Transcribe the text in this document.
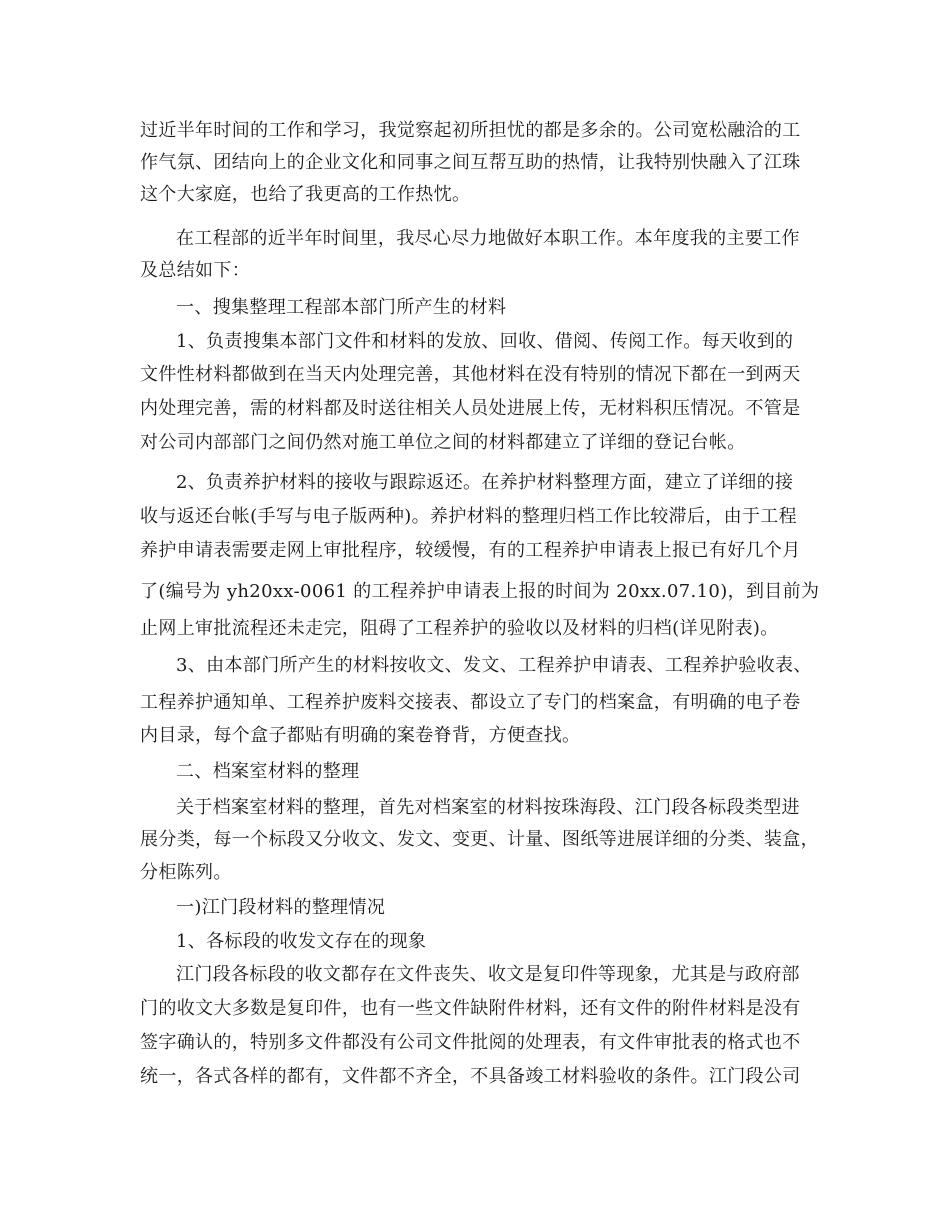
过近半年时间的工作和学习，我觉察起初所担忧的都是多余的。公司宽松融洽的工
作气氛、团结向上的企业文化和同事之间互帮互助的热情，让我特别快融入了江珠
这个大家庭，也给了我更高的工作热忱。
在工程部的近半年时间里，我尽心尽力地做好本职工作。本年度我的主要工作
及总结如下：
一、搜集整理工程部本部门所产生的材料
1、负责搜集本部门文件和材料的发放、回收、借阅、传阅工作。每天收到的
文件性材料都做到在当天内处理完善，其他材料在没有特别的情况下都在一到两天
内处理完善，需的材料都及时送往相关人员处进展上传，无材料积压情况。不管是
对公司内部部门之间仍然对施工单位之间的材料都建立了详细的登记台帐。
2、负责养护材料的接收与跟踪返还。在养护材料整理方面，建立了详细的接
收与返还台帐(手写与电子版两种)。养护材料的整理归档工作比较滞后，由于工程
养护申请表需要走网上审批程序，较缓慢，有的工程养护申请表上报已有好几个月
了(编号为 yh20xx-0061 的工程养护申请表上报的时间为 20xx.07.10)，到目前为
止网上审批流程还未走完，阻碍了工程养护的验收以及材料的归档(详见附表)。
3、由本部门所产生的材料按收文、发文、工程养护申请表、工程养护验收表、
工程养护通知单、工程养护废料交接表、都设立了专门的档案盒，有明确的电子卷
内目录，每个盒子都贴有明确的案卷脊背，方便查找。
二、档案室材料的整理
关于档案室材料的整理，首先对档案室的材料按珠海段、江门段各标段类型进
展分类，每一个标段又分收文、发文、变更、计量、图纸等进展详细的分类、装盒，
分柜陈列。
一)江门段材料的整理情况
1、各标段的收发文存在的现象
江门段各标段的收文都存在文件丧失、收文是复印件等现象，尤其是与政府部
门的收文大多数是复印件，也有一些文件缺附件材料，还有文件的附件材料是没有
签字确认的，特别多文件都没有公司文件批阅的处理表，有文件审批表的格式也不
统一，各式各样的都有，文件都不齐全，不具备竣工材料验收的条件。江门段公司
